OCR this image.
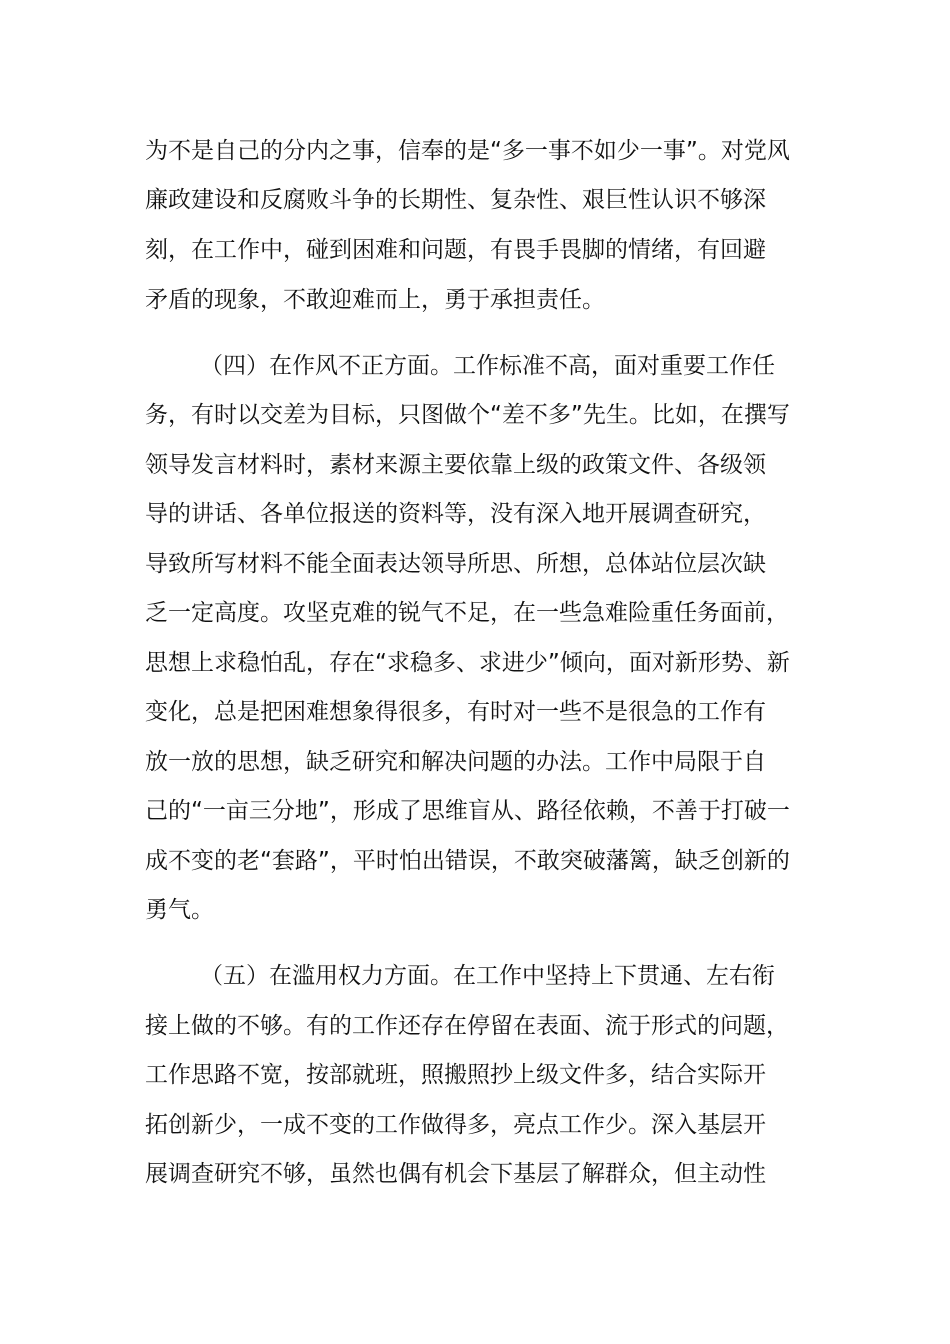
为不是自己的分内之事，信奉的是“多一事不如少一事”。对党风
廉政建设和反腐败斗争的长期性、复杂性、艰巨性认识不够深
刻，在工作中，碰到困难和问题，有畏手畏脚的情绪，有回避
矛盾的现象，不敢迎难而上，勇于承担责任。
（四）在作风不正方面。工作标准不高，面对重要工作任
务，有时以交差为目标，只图做个“差不多”先生。比如，在撰写
领导发言材料时，素材来源主要依靠上级的政策文件、各级领
导的讲话、各单位报送的资料等，没有深入地开展调查研究，
导致所写材料不能全面表达领导所思、所想，总体站位层次缺
乏一定高度。攻坚克难的锐气不足，在一些急难险重任务面前，
思想上求稳怕乱，存在“求稳多、求进少”倾向，面对新形势、新
变化，总是把困难想象得很多，有时对一些不是很急的工作有
放一放的思想，缺乏研究和解决问题的办法。工作中局限于自
己的“一亩三分地”，形成了思维盲从、路径依赖，不善于打破一
成不变的老“套路”，平时怕出错误，不敢突破藩篱，缺乏创新的
勇气。
（五）在滥用权力方面。在工作中坚持上下贯通、左右衔
接上做的不够。有的工作还存在停留在表面、流于形式的问题，
工作思路不宽，按部就班，照搬照抄上级文件多，结合实际开
拓创新少，一成不变的工作做得多，亮点工作少。深入基层开
展调查研究不够，虽然也偶有机会下基层了解群众，但主动性
